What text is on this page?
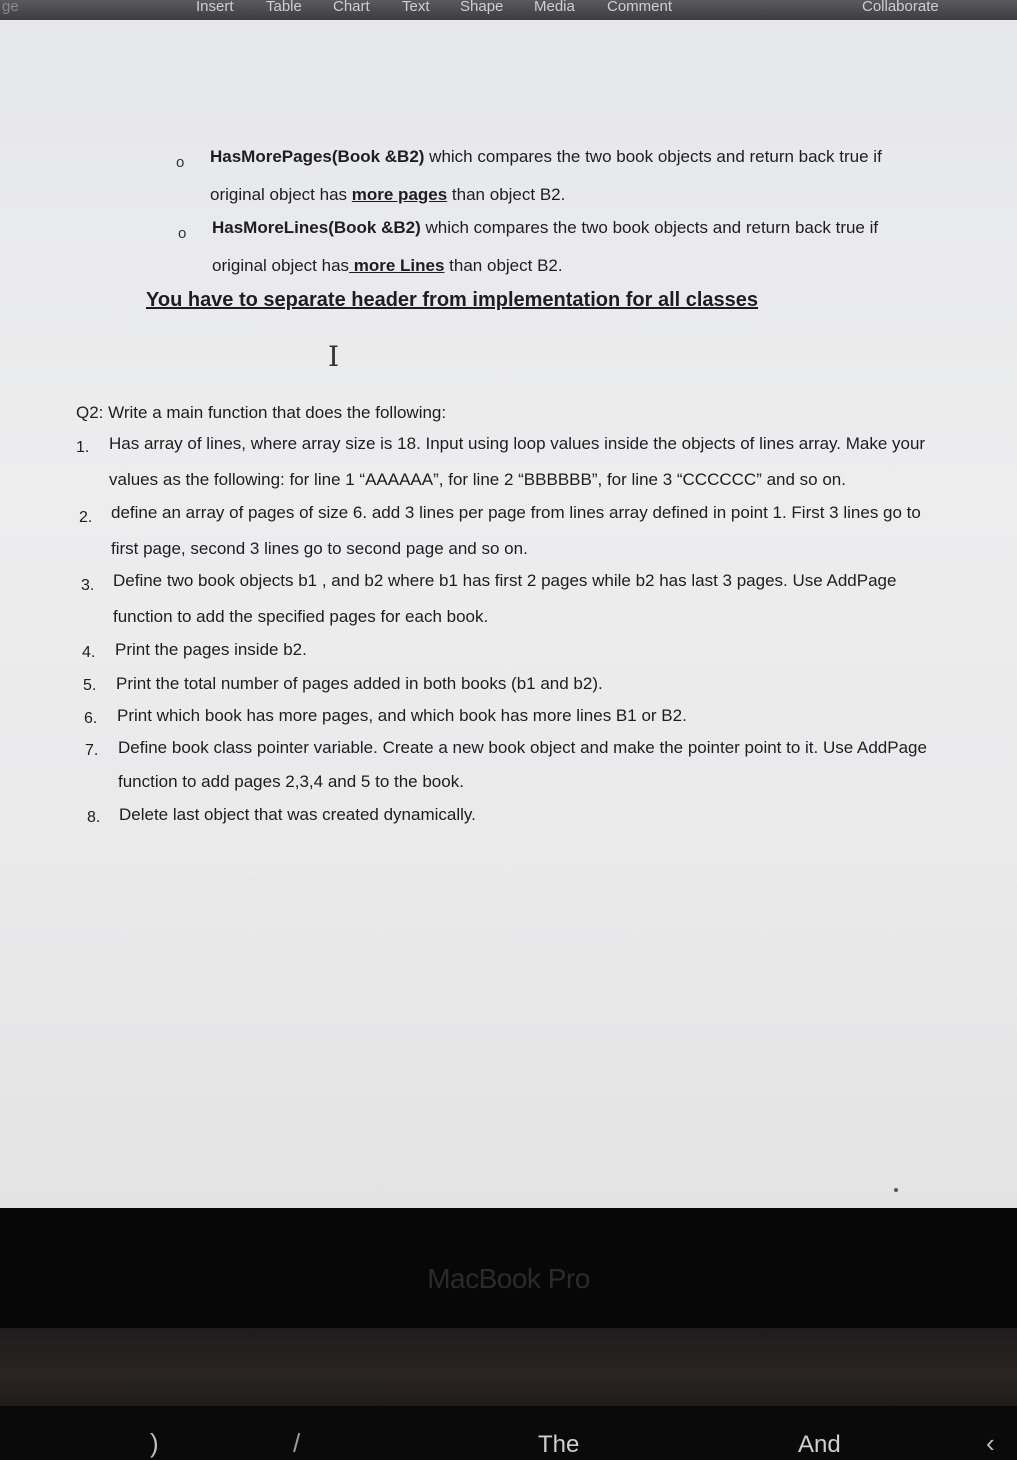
ge	Insert Table Chart Text Shape Media Comment	Collaborate
o HasMorePages(Book &B2) which compares the two book objects and return back true if
original object has more pages than object B2.
o HasMoreLines(Book &B2) which compares the two book objects and return back true if
original object has more Lines than object B2.
You have to separate header from implementation for all classes
I
Q2: Write a main function that does the following:
1. Has array of lines, where array size is 18. Input using loop values inside the objects of lines array. Make your
values as the following: for line 1 “AAAAAA”, for line 2 “BBBBBB”, for line 3 “CCCCCC” and so on.
2. define an array of pages of size 6. add 3 lines per page from lines array defined in point 1. First 3 lines go to
first page, second 3 lines go to second page and so on.
3. Define two book objects b1 , and b2 where b1 has first 2 pages while b2 has last 3 pages. Use AddPage
function to add the specified pages for each book.
4. Print the pages inside b2.
5. Print the total number of pages added in both books (b1 and b2).
6. Print which book has more pages, and which book has more lines B1 or B2.
7. Define book class pointer variable. Create a new book object and make the pointer point to it. Use AddPage
function to add pages 2,3,4 and 5 to the book.
8. Delete last object that was created dynamically.
MacBook Pro
)	/	The	And	‹
